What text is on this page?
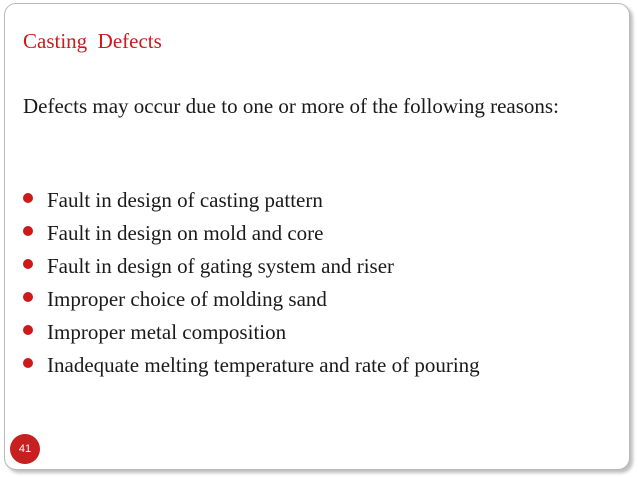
Casting  Defects
Defects may occur due to one or more of the following reasons:
Fault in design of casting pattern
Fault in design on mold and core
Fault in design of gating system and riser
Improper choice of molding sand
Improper metal composition
Inadequate melting temperature and rate of pouring
41
